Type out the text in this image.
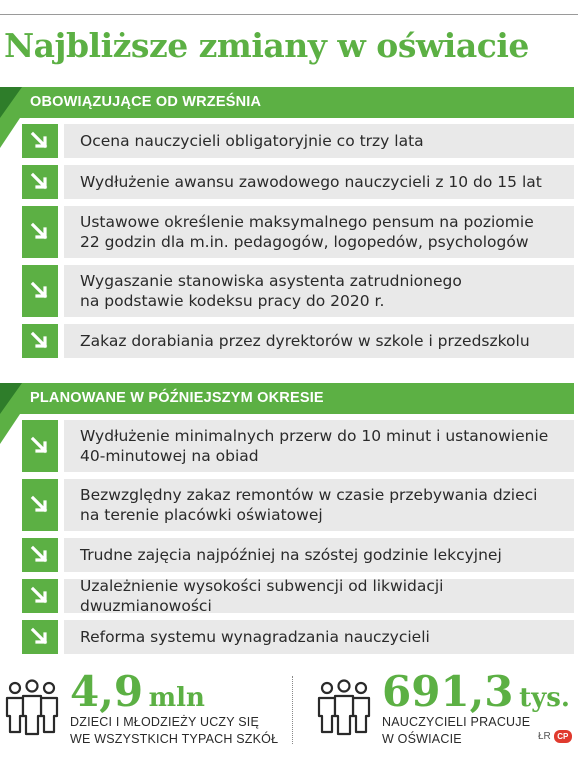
Najbliższe zmiany w oświacie
OBOWIĄZUJĄCE OD WRZEŚNIA
Ocena nauczycieli obligatoryjnie co trzy lata
Wydłużenie awansu zawodowego nauczycieli z 10 do 15 lat
Ustawowe określenie maksymalnego pensum na poziomie
22 godzin dla m.in. pedagogów, logopedów, psychologów
Wygaszanie stanowiska asystenta zatrudnionego
na podstawie kodeksu pracy do 2020 r.
Zakaz dorabiania przez dyrektorów w szkole i przedszkolu
PLANOWANE W PÓŹNIEJSZYM OKRESIE
Wydłużenie minimalnych przerw do 10 minut i ustanowienie
40-minutowej na obiad
Bezwzględny zakaz remontów w czasie przebywania dzieci
na terenie placówki oświatowej
Trudne zajęcia najpóźniej na szóstej godzinie lekcyjnej
Uzależnienie wysokości subwencji od likwidacji dwuzmianowości
Reforma systemu wynagradzania nauczycieli
4,9 mln
DZIECI I MŁODZIEŻY UCZY SIĘ
WE WSZYSTKICH TYPACH SZKÓŁ
691,3 tys.
NAUCZYCIELI PRACUJE
W OŚWIACIE	ŁR CP
